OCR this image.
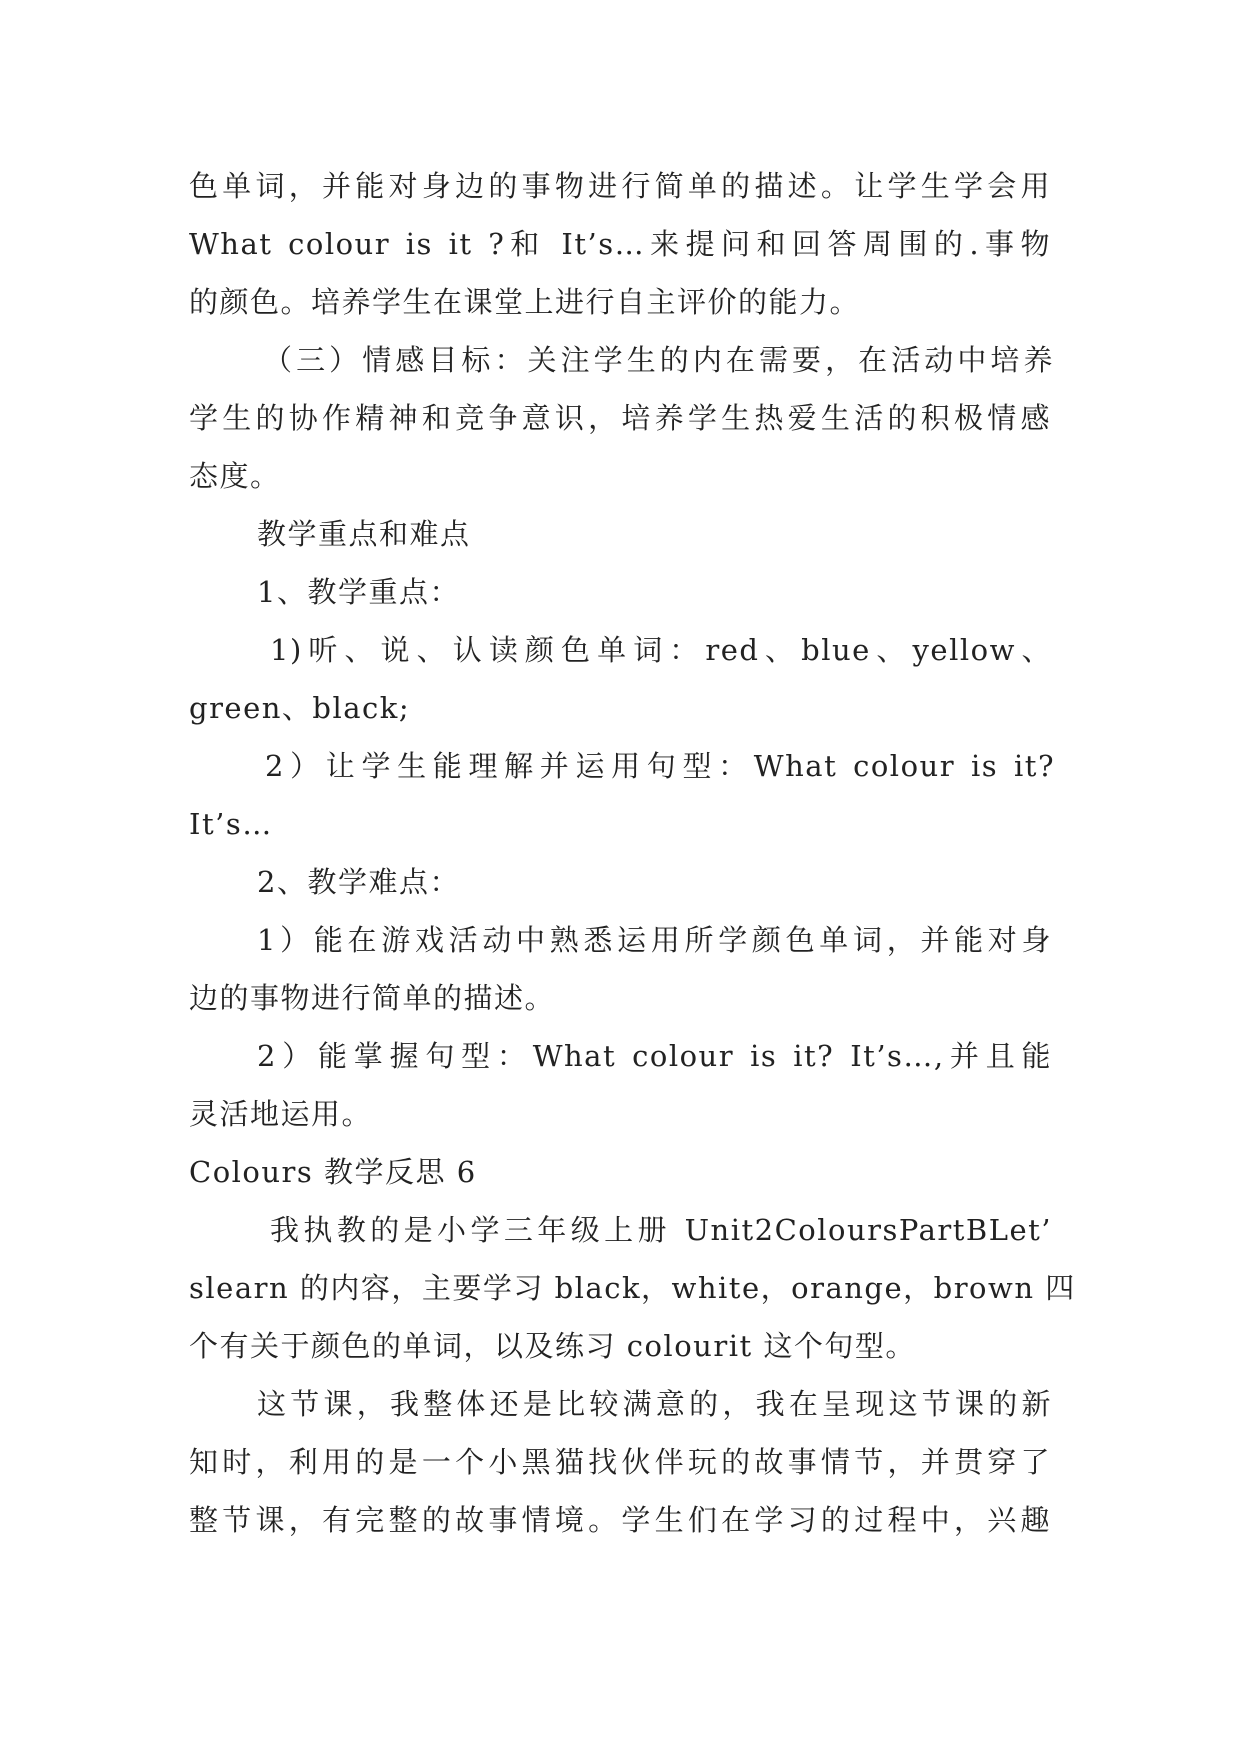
色单词，并能对身边的事物进行简单的描述。让学生学会用
What colour is it ?和 It’s…来提问和回答周围的.事物
的颜色。培养学生在课堂上进行自主评价的能力。
（三）情感目标：关注学生的内在需要，在活动中培养
学生的协作精神和竞争意识，培养学生热爱生活的积极情感
态度。
教学重点和难点
1、教学重点：
1)听、说、认读颜色单词：red、blue、yellow、
green、black;
2）让学生能理解并运用句型：What colour is it?
It’s…
2、教学难点：
1）能在游戏活动中熟悉运用所学颜色单词，并能对身
边的事物进行简单的描述。
2）能掌握句型：What colour is it? It’s…,并且能
灵活地运用。
Colours 教学反思 6
我执教的是小学三年级上册 Unit2ColoursPartBLet’
slearn 的内容，主要学习 black，white，orange，brown 四
个有关于颜色的单词，以及练习 colourit 这个句型。
这节课，我整体还是比较满意的，我在呈现这节课的新
知时，利用的是一个小黑猫找伙伴玩的故事情节，并贯穿了
整节课，有完整的故事情境。学生们在学习的过程中，兴趣
